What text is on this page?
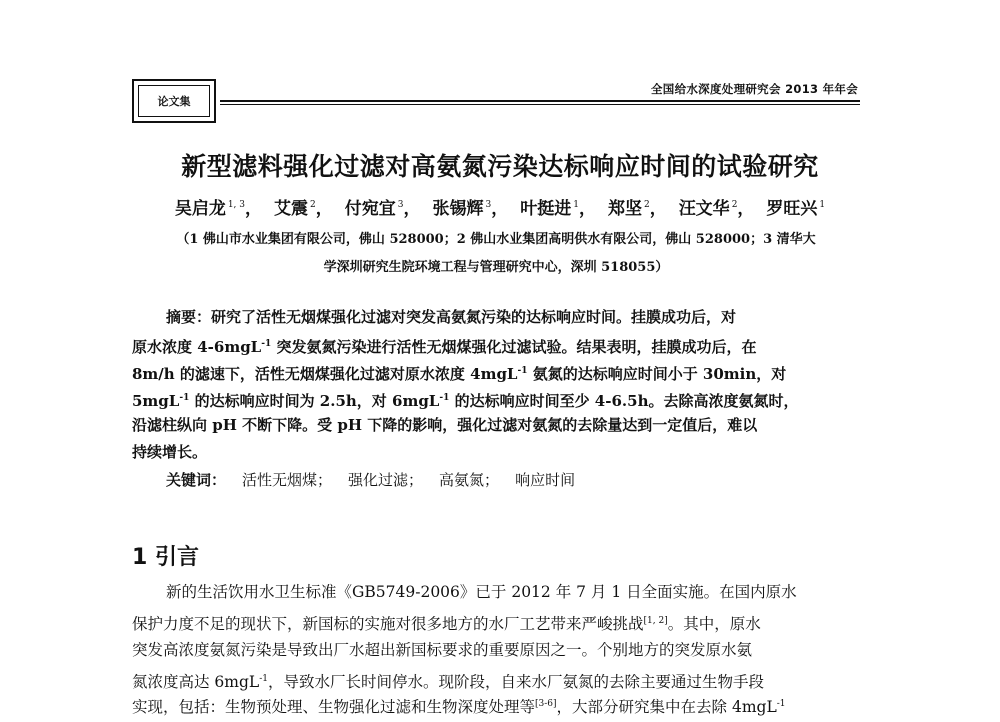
论文集
全国给水深度处理研究会 2013 年年会
新型滤料强化过滤对高氨氮污染达标响应时间的试验研究
吴启龙 $^{1, 3}$， 艾震 $^2$， 付宛宜 $^3$， 张锡辉 $^3$， 叶挺进 $^1$， 郑坚 $^2$， 汪文华 $^2$， 罗旺兴 $^1$
（1 佛山市水业集团有限公司，佛山 528000；2 佛山水业集团高明供水有限公司，佛山 528000；3 清华大
学深圳研究生院环境工程与管理研究中心，深圳 518055）
摘要：研究了活性无烟煤强化过滤对突发高氨氮污染的达标响应时间。挂膜成功后，对
原水浓度 4-6mgL$^{-1}$ 突发氨氮污染进行活性无烟煤强化过滤试验。结果表明，挂膜成功后，在
8m/h 的滤速下，活性无烟煤强化过滤对原水浓度 4mgL$^{-1}$ 氨氮的达标响应时间小于 30min，对
5mgL$^{-1}$ 的达标响应时间为 2.5h，对 6mgL$^{-1}$ 的达标响应时间至少 4-6.5h。去除高浓度氨氮时，
沿滤柱纵向 pH 不断下降。受 pH 下降的影响，强化过滤对氨氮的去除量达到一定值后，难以
持续增长。
关键词： 活性无烟煤； 强化过滤； 高氨氮； 响应时间
1 引言
新的生活饮用水卫生标准《GB5749-2006》已于 2012 年 7 月 1 日全面实施。在国内原水
保护力度不足的现状下，新国标的实施对很多地方的水厂工艺带来严峻挑战[1, 2]。其中，原水
突发高浓度氨氮污染是导致出厂水超出新国标要求的重要原因之一。个别地方的突发原水氨
氮浓度高达 6mgL$^{-1}$，导致水厂长时间停水。现阶段，自来水厂氨氮的去除主要通过生物手段
实现，包括：生物预处理、生物强化过滤和生物深度处理等[3-6]，大部分研究集中在去除 4mgL$^{-1}$
